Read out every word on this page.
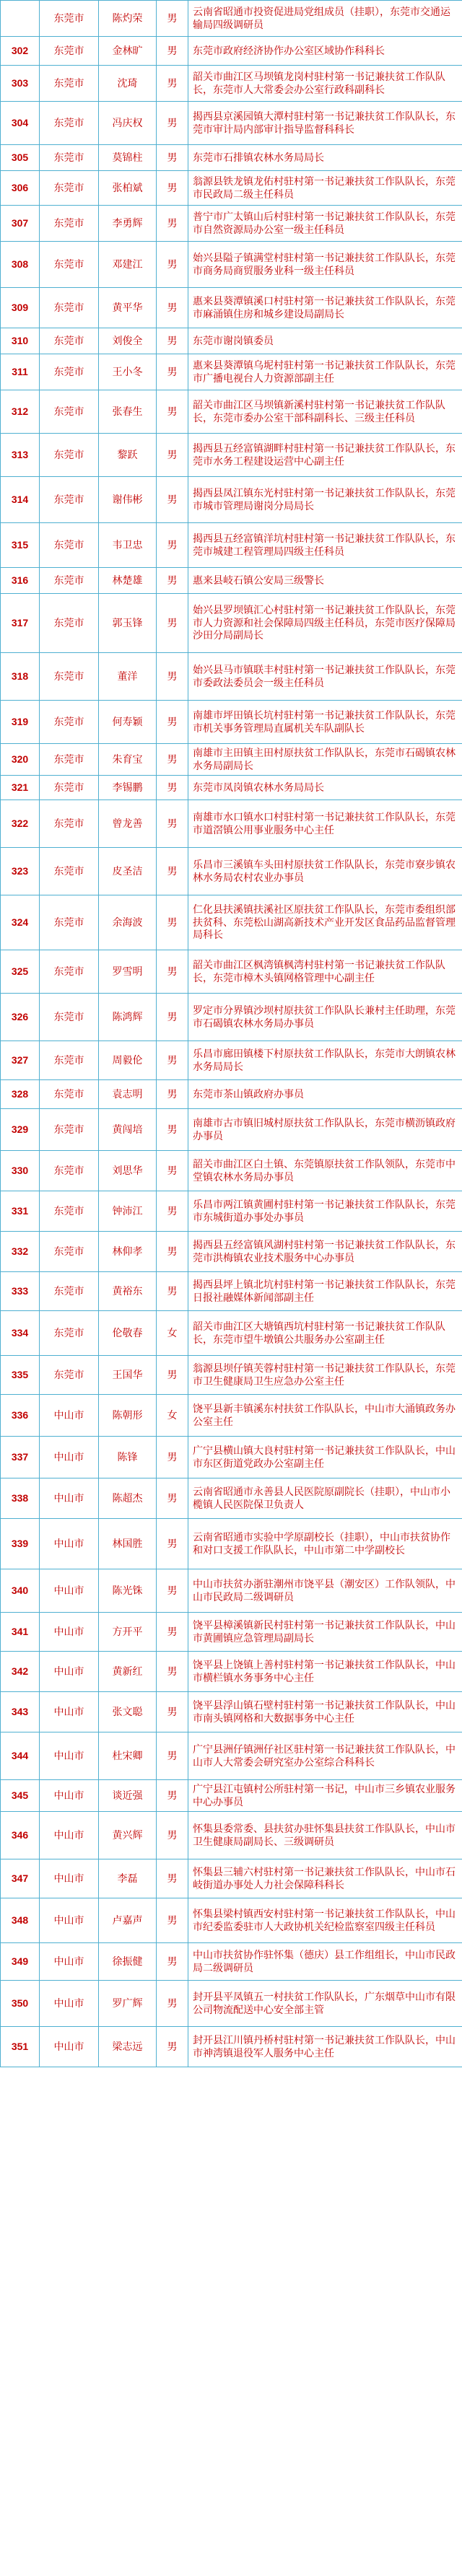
	东莞市	陈灼荣	男	云南省昭通市投资促进局党组成员（挂职），东莞市交通运输局四级调研员
302	东莞市	金林旷	男	东莞市政府经济协作办公室区域协作科科长
303	东莞市	沈琦	男	韶关市曲江区马坝镇龙岗村驻村第一书记兼扶贫工作队队长，东莞市人大常委会办公室行政科副科长
304	东莞市	冯庆权	男	揭西县京溪园镇大潭村驻村第一书记兼扶贫工作队队长，东莞市审计局内部审计指导监督科科长
305	东莞市	莫锦柱	男	东莞市石排镇农林水务局局长
306	东莞市	张柏斌	男	翁源县铁龙镇龙佑村驻村第一书记兼扶贫工作队队长，东莞市民政局二级主任科员
307	东莞市	李勇辉	男	普宁市广太镇山后村驻村第一书记兼扶贫工作队队长，东莞市自然资源局办公室一级主任科员
308	东莞市	邓建江	男	始兴县隘子镇满堂村驻村第一书记兼扶贫工作队队长，东莞市商务局商贸服务业科一级主任科员
309	东莞市	黄平华	男	惠来县葵潭镇溪口村驻村第一书记兼扶贫工作队队长，东莞市麻涌镇住房和城乡建设局副局长
310	东莞市	刘俊全	男	东莞市谢岗镇委员
311	东莞市	王小冬	男	惠来县葵潭镇乌坭村驻村第一书记兼扶贫工作队队长，东莞市广播电视台人力资源部副主任
312	东莞市	张春生	男	韶关市曲江区马坝镇新溪村驻村第一书记兼扶贫工作队队长，东莞市委办公室干部科副科长、三级主任科员
313	东莞市	黎跃	男	揭西县五经富镇湖畔村驻村第一书记兼扶贫工作队队长，东莞市水务工程建设运营中心副主任
314	东莞市	谢伟彬	男	揭西县凤江镇东光村驻村第一书记兼扶贫工作队队长，东莞市城市管理局谢岗分局局长
315	东莞市	韦卫忠	男	揭西县五经富镇洋坑村驻村第一书记兼扶贫工作队队长，东莞市城建工程管理局四级主任科员
316	东莞市	林楚雄	男	惠来县岐石镇公安局三级警长
317	东莞市	郭玉锋	男	始兴县罗坝镇汇心村驻村第一书记兼扶贫工作队队长，东莞市人力资源和社会保障局四级主任科员，东莞市医疗保障局沙田分局副局长
318	东莞市	董洋	男	始兴县马市镇联丰村驻村第一书记兼扶贫工作队队长，东莞市委政法委员会一级主任科员
319	东莞市	何寿颖	男	南雄市坪田镇长坑村驻村第一书记兼扶贫工作队队长，东莞市机关事务管理局直属机关车队副队长
320	东莞市	朱育宝	男	南雄市主田镇主田村原扶贫工作队队长，东莞市石碣镇农林水务局副局长
321	东莞市	李锡鹏	男	东莞市凤岗镇农林水务局局长
322	东莞市	曾龙善	男	南雄市水口镇水口村驻村第一书记兼扶贫工作队队长，东莞市道滘镇公用事业服务中心主任
323	东莞市	皮圣洁	男	乐昌市三溪镇车头田村原扶贫工作队队长，东莞市寮步镇农林水务局农村农业办事员
324	东莞市	余海波	男	仁化县扶溪镇扶溪社区原扶贫工作队队长，东莞市委组织部扶贫科、东莞松山湖高新技术产业开发区食品药品监督管理局科长
325	东莞市	罗雪明	男	韶关市曲江区枫湾镇枫湾村驻村第一书记兼扶贫工作队队长，东莞市樟木头镇网格管理中心副主任
326	东莞市	陈鸿辉	男	罗定市分界镇沙坝村原扶贫工作队队长兼村主任助理，东莞市石碣镇农林水务局办事员
327	东莞市	周毅伦	男	乐昌市廊田镇楼下村原扶贫工作队队长，东莞市大朗镇农林水务局局长
328	东莞市	袁志明	男	东莞市茶山镇政府办事员
329	东莞市	黄闯培	男	南雄市古市镇旧城村原扶贫工作队队长，东莞市横沥镇政府办事员
330	东莞市	刘思华	男	韶关市曲江区白土镇、东莞镇原扶贫工作队领队，东莞市中堂镇农林水务局办事员
331	东莞市	钟沛江	男	乐昌市两江镇黄圃村驻村第一书记兼扶贫工作队队长，东莞市东城街道办事处办事员
332	东莞市	林仰孝	男	揭西县五经富镇风湖村驻村第一书记兼扶贫工作队队长，东莞市洪梅镇农业技术服务中心办事员
333	东莞市	黄裕东	男	揭西县坪上镇北坑村驻村第一书记兼扶贫工作队队长，东莞日报社融媒体新闻部副主任
334	东莞市	伦敬春	女	韶关市曲江区大塘镇西坑村驻村第一书记兼扶贫工作队队长，东莞市望牛墩镇公共服务办公室副主任
335	东莞市	王国华	男	翁源县坝仔镇芙蓉村驻村第一书记兼扶贫工作队队长，东莞市卫生健康局卫生应急办公室主任
336	中山市	陈朝形	女	饶平县新丰镇溪东村扶贫工作队队长，中山市大涌镇政务办公室主任
337	中山市	陈锋	男	广宁县横山镇大良村驻村第一书记兼扶贫工作队队长，中山市东区街道党政办公室副主任
338	中山市	陈超杰	男	云南省昭通市永善县人民医院原副院长（挂职），中山市小榄镇人民医院保卫负责人
339	中山市	林国胜	男	云南省昭通市实验中学原副校长（挂职），中山市扶贫协作和对口支援工作队队长，中山市第二中学副校长
340	中山市	陈光铢	男	中山市扶贫办浙驻潮州市饶平县（潮安区）工作队领队，中山市民政局二级调研员
341	中山市	方开平	男	饶平县樟溪镇新民村驻村第一书记兼扶贫工作队队长，中山市黄圃镇应急管理局副局长
342	中山市	黄新红	男	饶平县上饶镇上善村驻村第一书记兼扶贫工作队队长，中山市横栏镇水务事务中心主任
343	中山市	张文聪	男	饶平县浮山镇石壁村驻村第一书记兼扶贫工作队队长，中山市南头镇网格和大数据事务中心主任
344	中山市	杜宋卿	男	广宁县洲仔镇洲仔社区驻村第一书记兼扶贫工作队队长，中山市人大常委会研究室办公室综合科科长
345	中山市	谈近强	男	广宁县江屯镇村公所驻村第一书记，中山市三乡镇农业服务中心办事员
346	中山市	黄兴辉	男	怀集县委常委、县扶贫办驻怀集县扶贫工作队队长，中山市卫生健康局副局长、三级调研员
347	中山市	李磊	男	怀集县三辅六村驻村第一书记兼扶贫工作队队长，中山市石岐街道办事处人力社会保障科科长
348	中山市	卢嘉声	男	怀集县梁村镇西安村驻村第一书记兼扶贫工作队队长，中山市纪委监委驻市人大政协机关纪检监察室四级主任科员
349	中山市	徐振健	男	中山市扶贫协作驻怀集（德庆）县工作组组长，中山市民政局二级调研员
350	中山市	罗广辉	男	封开县平凤镇五一村扶贫工作队队长，广东烟草中山市有限公司物流配送中心安全部主管
351	中山市	梁志远	男	封开县江川镇丹桥村驻村第一书记兼扶贫工作队队长，中山市神湾镇退役军人服务中心主任
